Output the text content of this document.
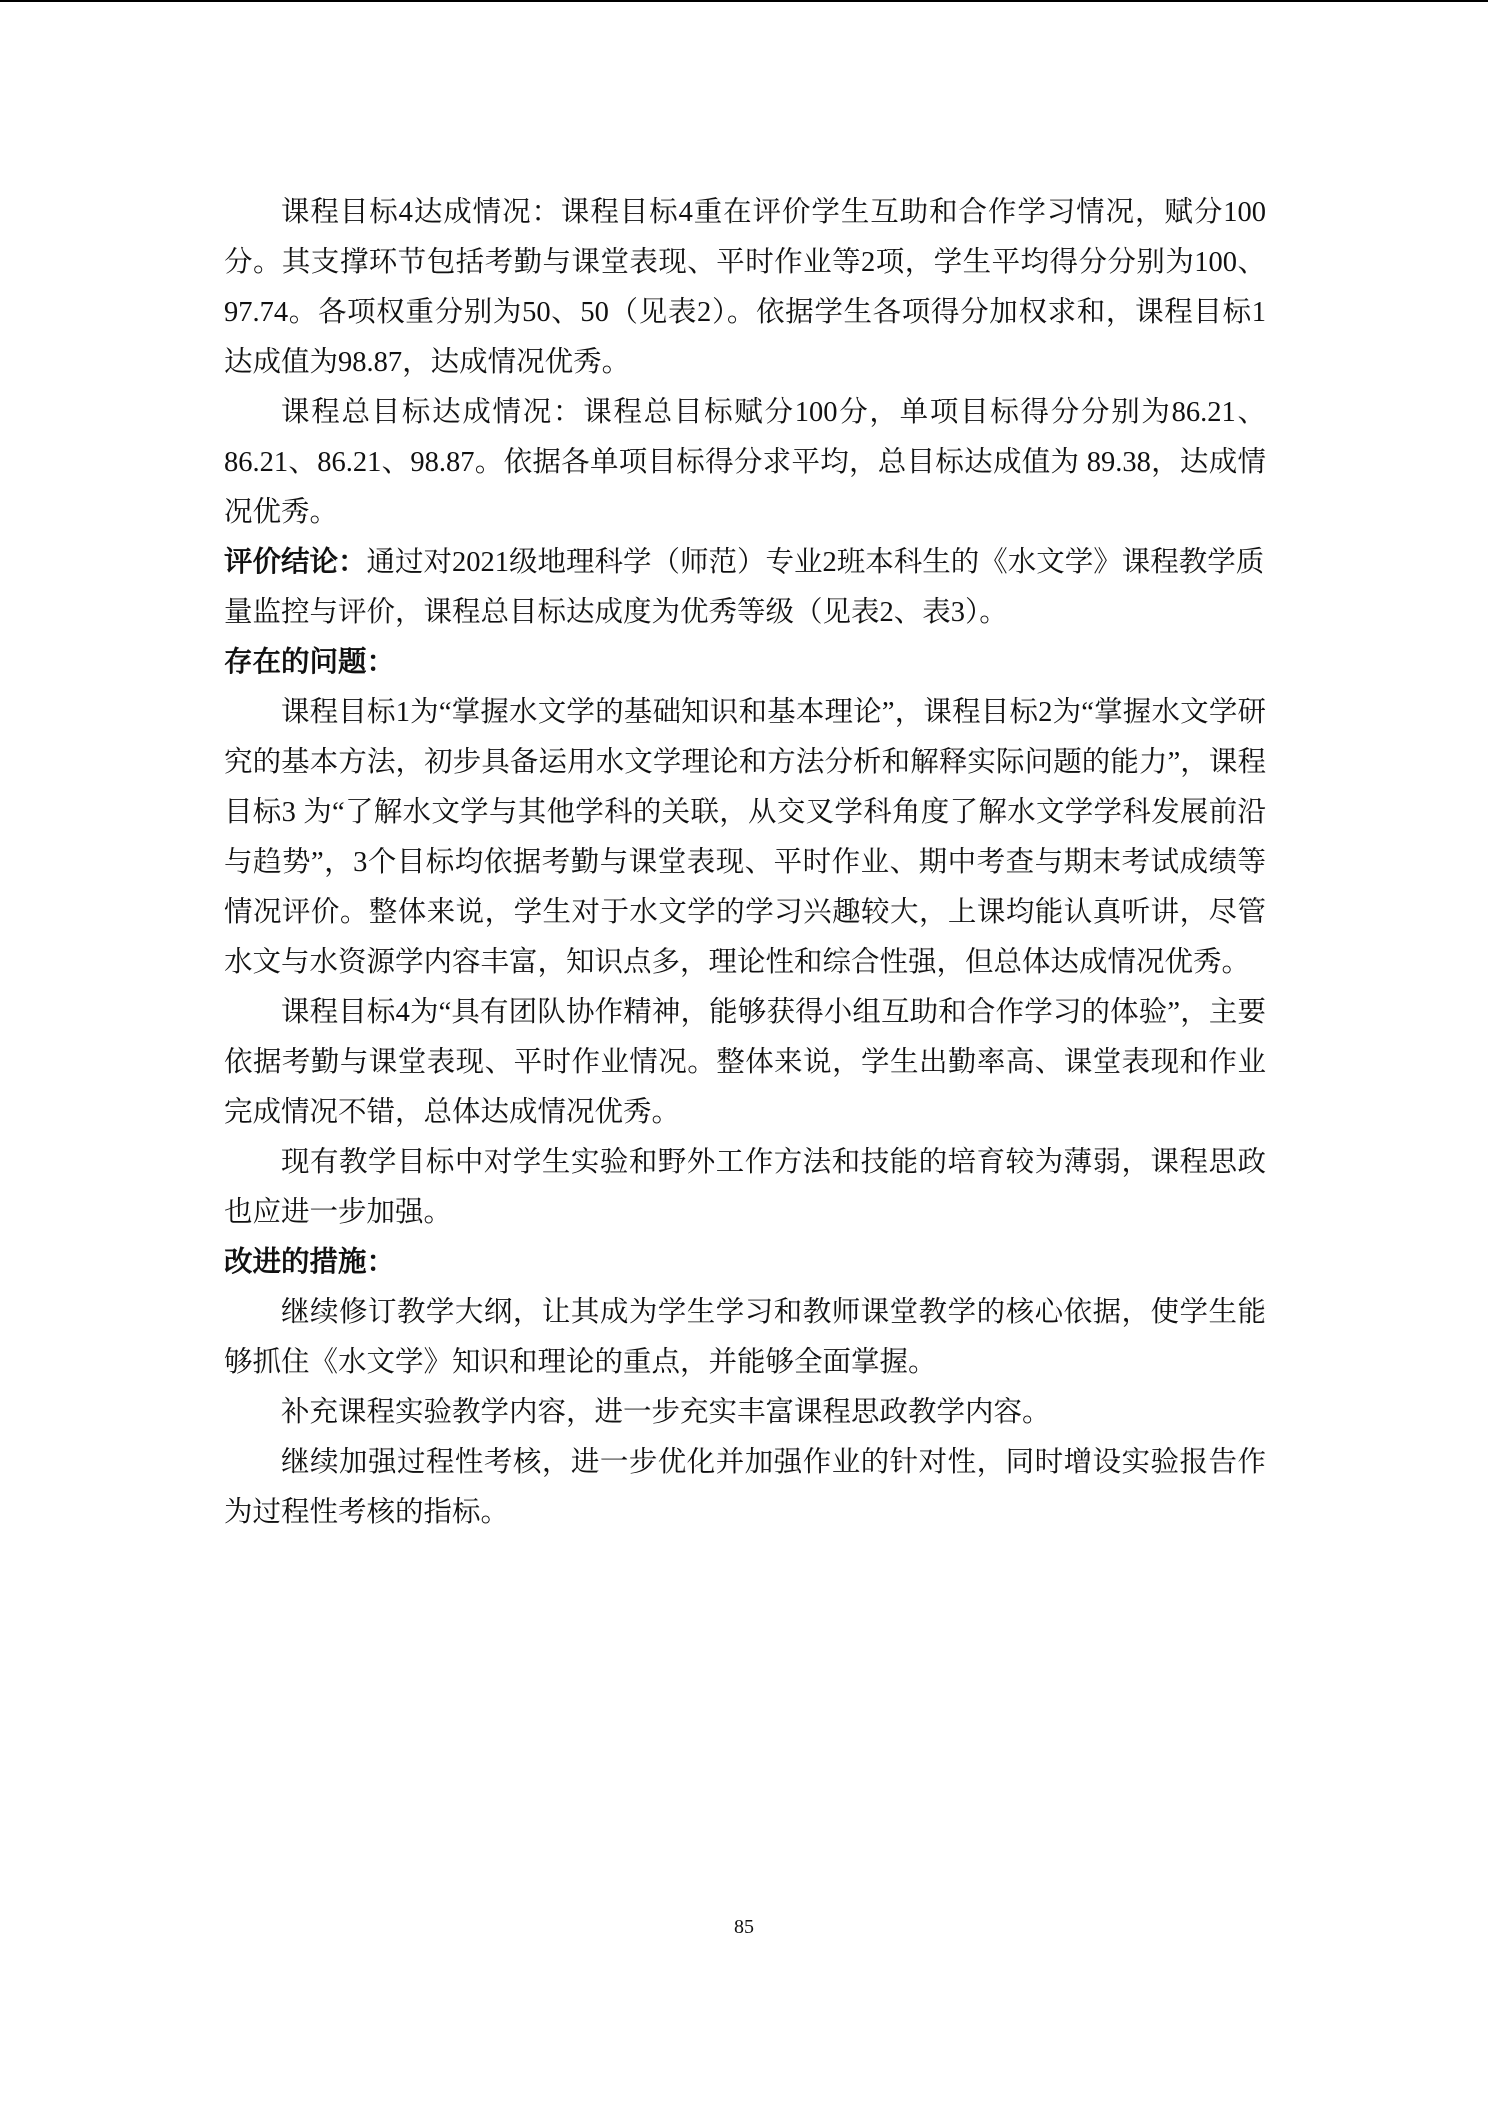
课程目标4达成情况：课程目标4重在评价学生互助和合作学习情况，赋分100分。其支撑环节包括考勤与课堂表现、平时作业等2项，学生平均得分分别为100、97.74。各项权重分别为50、50（见表2）。依据学生各项得分加权求和，课程目标1达成值为98.87，达成情况优秀。

课程总目标达成情况：课程总目标赋分100分，单项目标得分分别为86.21、86.21、86.21、98.87。依据各单项目标得分求平均，总目标达成值为 89.38，达成情况优秀。

评价结论：通过对2021级地理科学（师范）专业2班本科生的《水文学》课程教学质量监控与评价，课程总目标达成度为优秀等级（见表2、表3）。

存在的问题：

课程目标1为“掌握水文学的基础知识和基本理论”，课程目标2为“掌握水文学研究的基本方法，初步具备运用水文学理论和方法分析和解释实际问题的能力”，课程目标3 为“了解水文学与其他学科的关联，从交叉学科角度了解水文学学科发展前沿与趋势”，3个目标均依据考勤与课堂表现、平时作业、期中考查与期末考试成绩等情况评价。整体来说，学生对于水文学的学习兴趣较大，上课均能认真听讲，尽管水文与水资源学内容丰富，知识点多，理论性和综合性强，但总体达成情况优秀。

课程目标4为“具有团队协作精神，能够获得小组互助和合作学习的体验”，主要依据考勤与课堂表现、平时作业情况。整体来说，学生出勤率高、课堂表现和作业完成情况不错，总体达成情况优秀。

现有教学目标中对学生实验和野外工作方法和技能的培育较为薄弱，课程思政也应进一步加强。

改进的措施：

继续修订教学大纲，让其成为学生学习和教师课堂教学的核心依据，使学生能够抓住《水文学》知识和理论的重点，并能够全面掌握。

补充课程实验教学内容，进一步充实丰富课程思政教学内容。

继续加强过程性考核，进一步优化并加强作业的针对性，同时增设实验报告作为过程性考核的指标。

85
